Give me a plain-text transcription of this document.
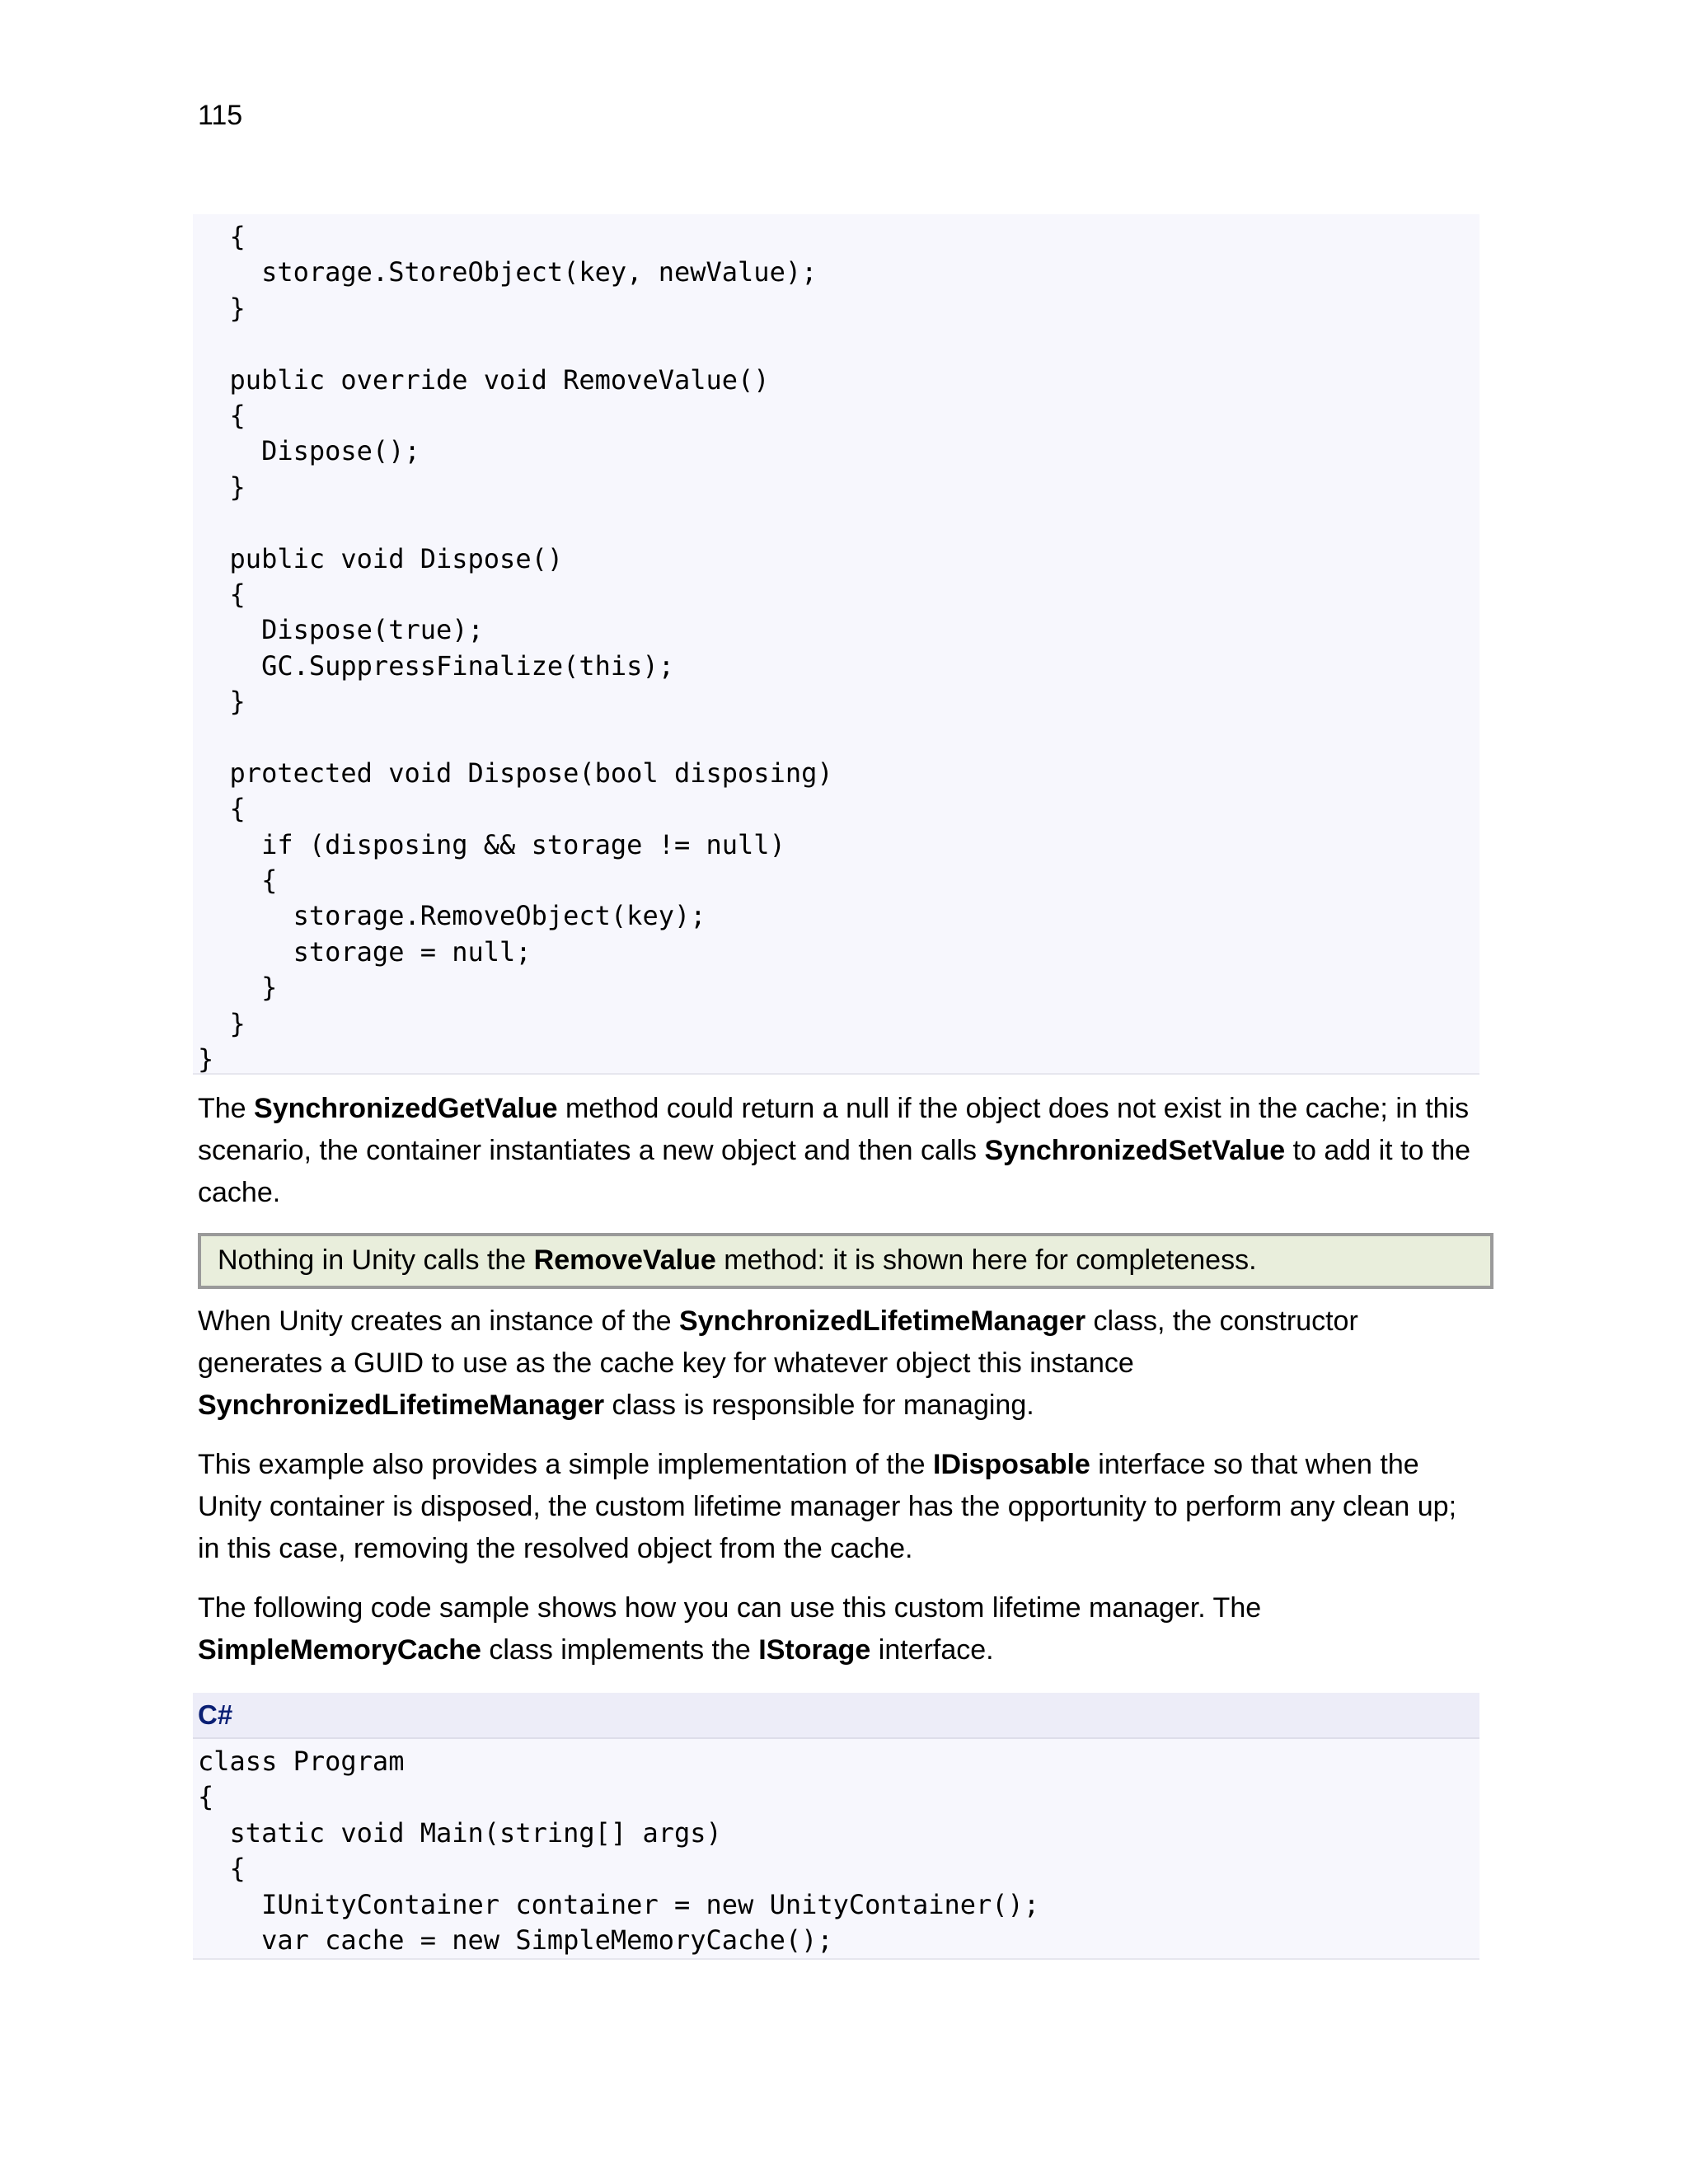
115
{
storage.StoreObject(key, newValue);
}
public override void RemoveValue()
{
Dispose();
}
public void Dispose()
{
Dispose(true);
GC.SuppressFinalize(this);
}
protected void Dispose(bool disposing)
{
if (disposing && storage != null)
{
storage.RemoveObject(key);
storage = null;
}
}
}

The SynchronizedGetValue method could return a null if the object does not exist in the cache; in this scenario, the container instantiates a new object and then calls SynchronizedSetValue to add it to the cache.

Nothing in Unity calls the RemoveValue method: it is shown here for completeness.

When Unity creates an instance of the SynchronizedLifetimeManager class, the constructor generates a GUID to use as the cache key for whatever object this instance SynchronizedLifetimeManager class is responsible for managing.

This example also provides a simple implementation of the IDisposable interface so that when the Unity container is disposed, the custom lifetime manager has the opportunity to perform any clean up; in this case, removing the resolved object from the cache.

The following code sample shows how you can use this custom lifetime manager. The SimpleMemoryCache class implements the IStorage interface.

C#
class Program
{
static void Main(string[] args)
{
IUnityContainer container = new UnityContainer();
var cache = new SimpleMemoryCache();
